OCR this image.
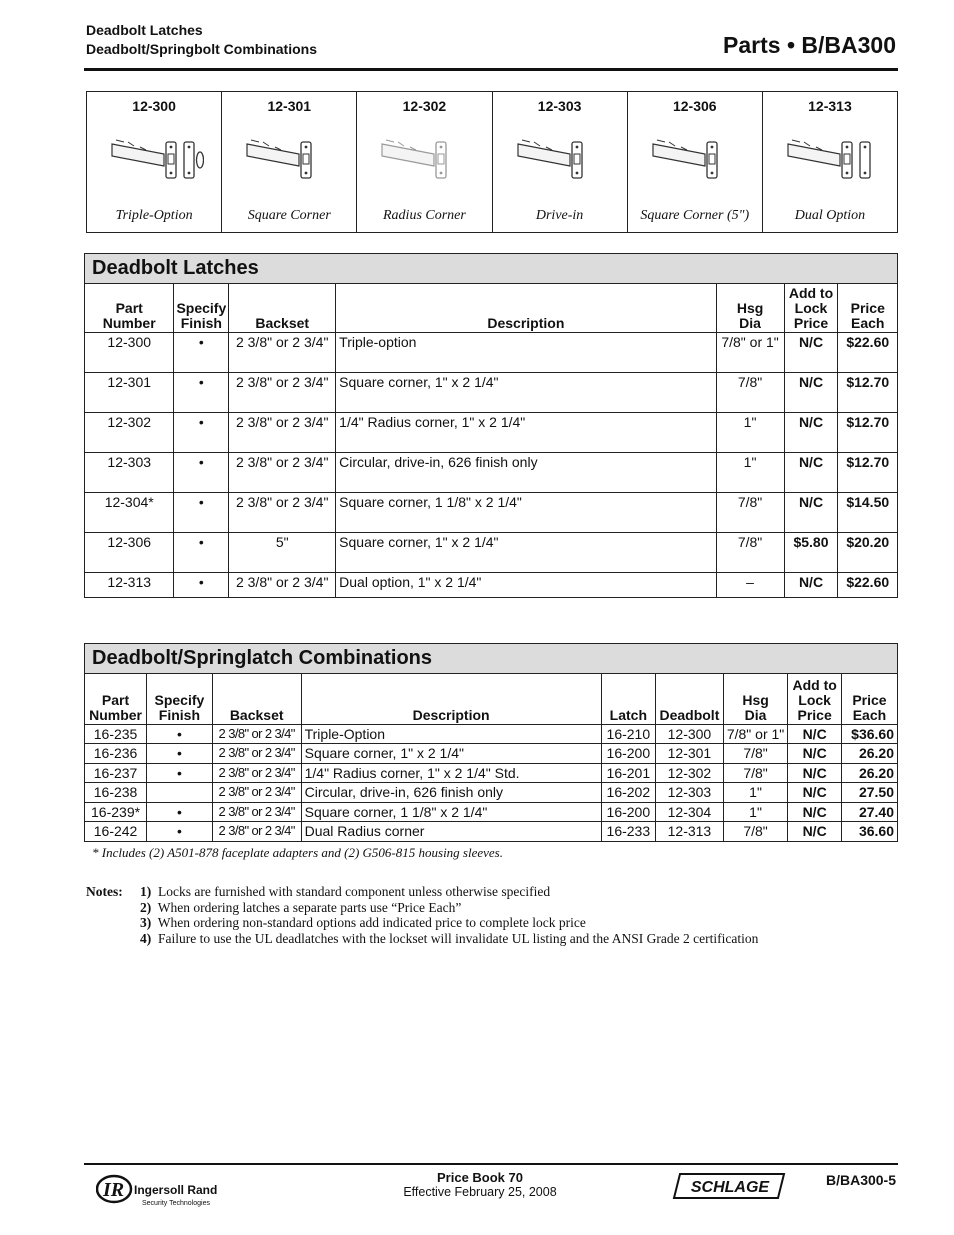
Deadbolt Latches
Deadbolt/Springbolt Combinations	Parts • B/BA300
12-300
Triple-Option
12-301
Square Corner
12-302
Radius Corner
12-303
Drive-in
12-306
Square Corner (5")
12-313
Dual Option
Deadbolt Latches
Part
Number	Specify
Finish	Backset	Description	Hsg
Dia	Add to
Lock
Price	Price
Each
12-300	•	2 3/8" or 2 3/4"	Triple-option	7/8" or 1"	N/C	$22.60
12-301	•	2 3/8" or 2 3/4"	Square corner, 1" x 2 1/4"	7/8"	N/C	$12.70
12-302	•	2 3/8" or 2 3/4"	1/4" Radius corner, 1" x 2 1/4"	1"	N/C	$12.70
12-303	•	2 3/8" or 2 3/4"	Circular, drive-in, 626 finish only	1"	N/C	$12.70
12-304*	•	2 3/8" or 2 3/4"	Square corner, 1 1/8" x 2 1/4"	7/8"	N/C	$14.50
12-306	•	5"	Square corner, 1" x 2 1/4"	7/8"	$5.80	$20.20
12-313	•	2 3/8" or 2 3/4"	Dual option, 1" x 2 1/4"	–	N/C	$22.60
Deadbolt/Springlatch Combinations
Part
Number	Specify
Finish	Backset	Description	Latch	Deadbolt	Hsg
Dia	Add to
Lock
Price	Price
Each
16-235	•	2 3/8" or 2 3/4"	Triple-Option	16-210	12-300	7/8" or 1"	N/C	$36.60
16-236	•	2 3/8" or 2 3/4"	Square corner, 1" x 2 1/4"	16-200	12-301	7/8"	N/C	26.20
16-237	•	2 3/8" or 2 3/4"	1/4" Radius corner, 1" x 2 1/4" Std.	16-201	12-302	7/8"	N/C	26.20
16-238		2 3/8" or 2 3/4"	Circular, drive-in, 626 finish only	16-202	12-303	1"	N/C	27.50
16-239*	•	2 3/8" or 2 3/4"	Square corner, 1 1/8" x 2 1/4"	16-200	12-304	1"	N/C	27.40
16-242	•	2 3/8" or 2 3/4"	Dual Radius corner	16-233	12-313	7/8"	N/C	36.60
* Includes (2) A501-878 faceplate adapters and (2) G506-815 housing sleeves.
Notes: 1) Locks are furnished with standard component unless otherwise specified
2) When ordering latches a separate parts use “Price Each”
3) When ordering non-standard options add indicated price to complete lock price
4) Failure to use the UL deadlatches with the lockset will invalidate UL listing and the ANSI Grade 2 certification
IR Ingersoll Rand
Security Technologies
Price Book 70
Effective February 25, 2008	SCHLAGE	B/BA300-5
